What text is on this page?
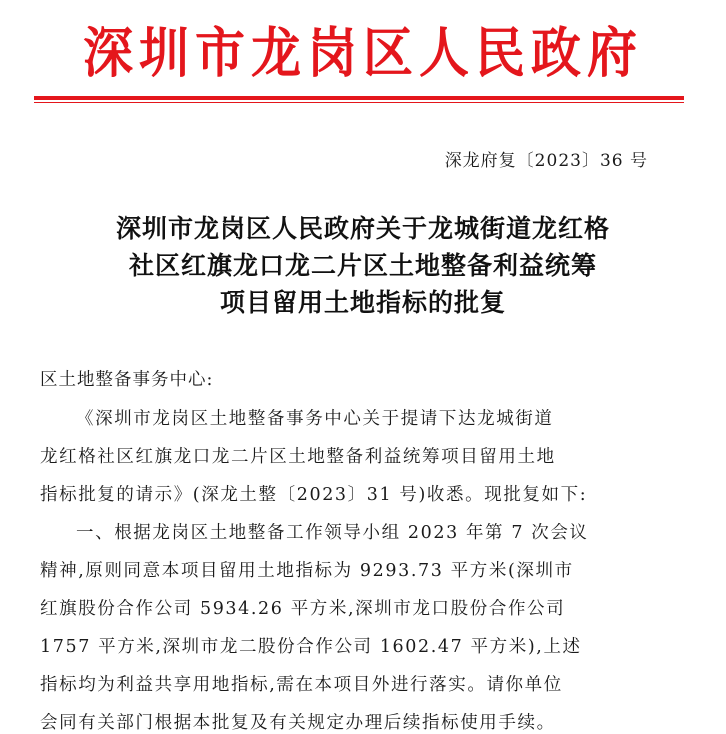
深圳市龙岗区人民政府
深龙府复〔2023〕36 号
深圳市龙岗区人民政府关于龙城街道龙红格
社区红旗龙口龙二片区土地整备利益统筹
项目留用土地指标的批复
区土地整备事务中心:
《深圳市龙岗区土地整备事务中心关于提请下达龙城街道
龙红格社区红旗龙口龙二片区土地整备利益统筹项目留用土地
指标批复的请示》(深龙土整〔2023〕31 号)收悉。现批复如下:
一、根据龙岗区土地整备工作领导小组 2023 年第 7 次会议
精神,原则同意本项目留用土地指标为 9293.73 平方米(深圳市
红旗股份合作公司 5934.26 平方米,深圳市龙口股份合作公司
1757 平方米,深圳市龙二股份合作公司 1602.47 平方米),上述
指标均为利益共享用地指标,需在本项目外进行落实。请你单位
会同有关部门根据本批复及有关规定办理后续指标使用手续。
